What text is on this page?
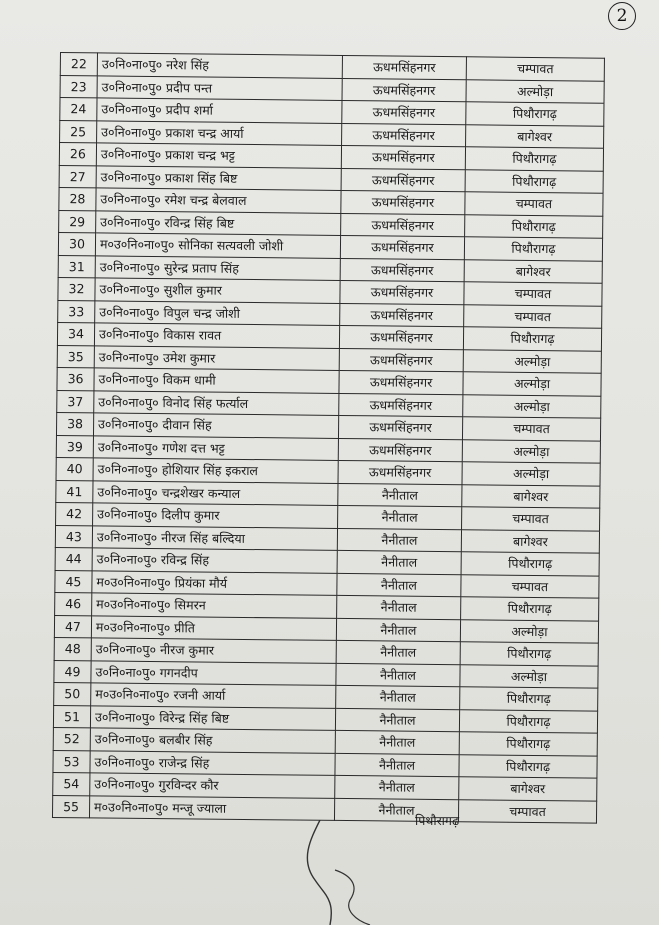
2
22	उ०नि०ना०पु० नरेश सिंह	ऊधमसिंहनगर	चम्पावत
23	उ०नि०ना०पु० प्रदीप पन्त	ऊधमसिंहनगर	अल्मोड़ा
24	उ०नि०ना०पु० प्रदीप शर्मा	ऊधमसिंहनगर	पिथौरागढ़
25	उ०नि०ना०पु० प्रकाश चन्द्र आर्या	ऊधमसिंहनगर	बागेश्वर
26	उ०नि०ना०पु० प्रकाश चन्द्र भट्ट	ऊधमसिंहनगर	पिथौरागढ़
27	उ०नि०ना०पु० प्रकाश सिंह बिष्ट	ऊधमसिंहनगर	पिथौरागढ़
28	उ०नि०ना०पु० रमेश चन्द्र बेलवाल	ऊधमसिंहनगर	चम्पावत
29	उ०नि०ना०पु० रविन्द्र सिंह बिष्ट	ऊधमसिंहनगर	पिथौरागढ़
30	म०उ०नि०ना०पु० सोनिका सत्यवली जोशी	ऊधमसिंहनगर	पिथौरागढ़
31	उ०नि०ना०पु० सुरेन्द्र प्रताप सिंह	ऊधमसिंहनगर	बागेश्वर
32	उ०नि०ना०पु० सुशील कुमार	ऊधमसिंहनगर	चम्पावत
33	उ०नि०ना०पु० विपुल चन्द्र जोशी	ऊधमसिंहनगर	चम्पावत
34	उ०नि०ना०पु० विकास रावत	ऊधमसिंहनगर	पिथौरागढ़
35	उ०नि०ना०पु० उमेश कुमार	ऊधमसिंहनगर	अल्मोड़ा
36	उ०नि०ना०पु० विकम धामी	ऊधमसिंहनगर	अल्मोड़ा
37	उ०नि०ना०पु० विनोद सिंह फर्त्याल	ऊधमसिंहनगर	अल्मोड़ा
38	उ०नि०ना०पु० दीवान सिंह	ऊधमसिंहनगर	चम्पावत
39	उ०नि०ना०पु० गणेश दत्त भट्ट	ऊधमसिंहनगर	अल्मोड़ा
40	उ०नि०ना०पु० होशियार सिंह इकराल	ऊधमसिंहनगर	अल्मोड़ा
41	उ०नि०ना०पु० चन्द्रशेखर कन्याल	नैनीताल	बागेश्वर
42	उ०नि०ना०पु० दिलीप कुमार	नैनीताल	चम्पावत
43	उ०नि०ना०पु० नीरज सिंह बल्दिया	नैनीताल	बागेश्वर
44	उ०नि०ना०पु० रविन्द्र सिंह	नैनीताल	पिथौरागढ़
45	म०उ०नि०ना०पु० प्रियंका मौर्य	नैनीताल	चम्पावत
46	म०उ०नि०ना०पु० सिमरन	नैनीताल	पिथौरागढ़
47	म०उ०नि०ना०पु० प्रीति	नैनीताल	अल्मोड़ा
48	उ०नि०ना०पु० नीरज कुमार	नैनीताल	पिथौरागढ़
49	उ०नि०ना०पु० गगनदीप	नैनीताल	अल्मोड़ा
50	म०उ०नि०ना०पु० रजनी आर्या	नैनीताल	पिथौरागढ़
51	उ०नि०ना०पु० विरेन्द्र सिंह बिष्ट	नैनीताल	पिथौरागढ़
52	उ०नि०ना०पु० बलबीर सिंह	नैनीताल	पिथौरागढ़
53	उ०नि०ना०पु० राजेन्द्र सिंह	नैनीताल	पिथौरागढ़
54	उ०नि०ना०पु० गुरविन्दर कौर	नैनीताल	बागेश्वर
55	म०उ०नि०ना०पु० मन्जू ज्याला	नैनीताल	चम्पावत
पिथौरागढ़
